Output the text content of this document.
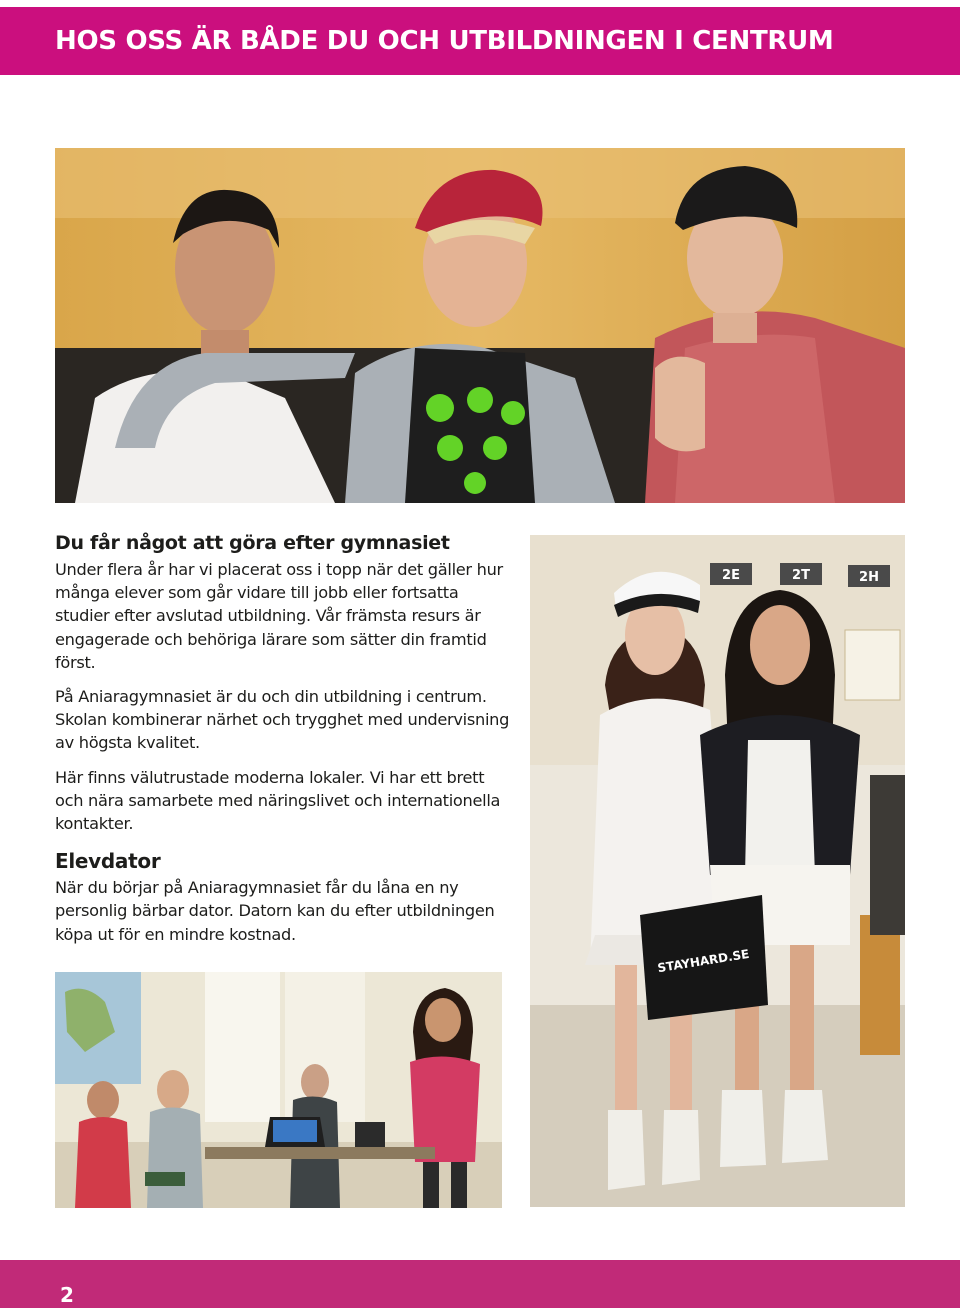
HOS OSS ÄR BÅDE DU OCH UTBILDNINGEN I CENTRUM
Du får något att göra efter gymnasiet

Under flera år har vi placerat oss i topp när det gäller hur många elever som går vidare till jobb eller fortsatta studier efter avslutad utbildning. Vår främsta resurs är engagerade och behöriga lärare som sätter din framtid först.

På Aniaragymnasiet är du och din utbildning i centrum. Skolan kombinerar närhet och trygghet med undervisning av högsta kvalitet.

Här finns välutrustade moderna lokaler. Vi har ett brett och nära samarbete med näringslivet och internationella kontakter.

Elevdator

När du börjar på Aniaragymnasiet får du låna en ny personlig bärbar dator. Datorn kan du efter utbildningen köpa ut för en mindre kostnad.

2E	2T	2H
STAYHARD.SE
2
